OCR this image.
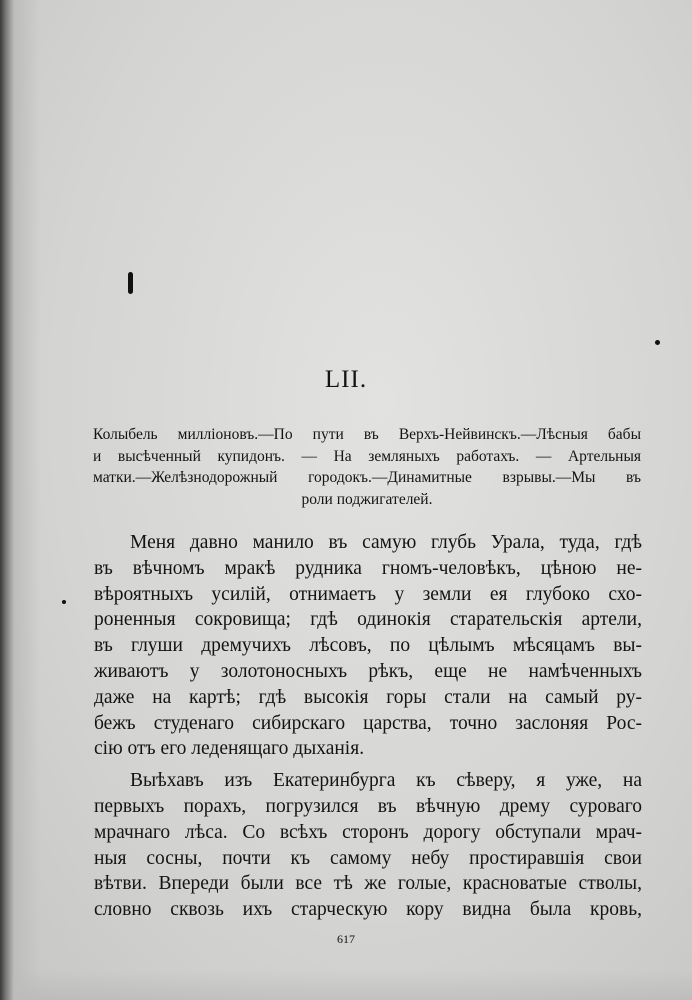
LII.
Колыбель милліоновъ.—По пути въ Верхъ-Нейвинскъ.—Лѣсныя бабы
и высѣченный купидонъ. — На земляныхъ работахъ. — Артельныя
матки.—Желѣзнодорожный городокъ.—Динамитные взрывы.—Мы въ
роли поджигателей.
Меня давно манило въ самую глубь Урала, туда, гдѣ
въ вѣчномъ мракѣ рудника гномъ-человѣкъ, цѣною не-
вѣроятныхъ усилій, отнимаетъ у земли ея глубоко схо-
роненныя сокровища; гдѣ одинокія старательскія артели,
въ глуши дремучихъ лѣсовъ, по цѣлымъ мѣсяцамъ вы-
живаютъ у золотоносныхъ рѣкъ, еще не намѣченныхъ
даже на картѣ; гдѣ высокія горы стали на самый ру-
бежъ студенаго сибирскаго царства, точно заслоняя Рос-
сію отъ его леденящаго дыханія.
Выѣхавъ изъ Екатеринбурга къ сѣверу, я уже, на
первыхъ порахъ, погрузился въ вѣчную дрему суроваго
мрачнаго лѣса. Со всѣхъ сторонъ дорогу обступали мрач-
ныя сосны, почти къ самому небу простиравшія свои
вѣтви. Впереди были все тѣ же голые, красноватые стволы,
словно сквозь ихъ старческую кору видна была кровь,
617
